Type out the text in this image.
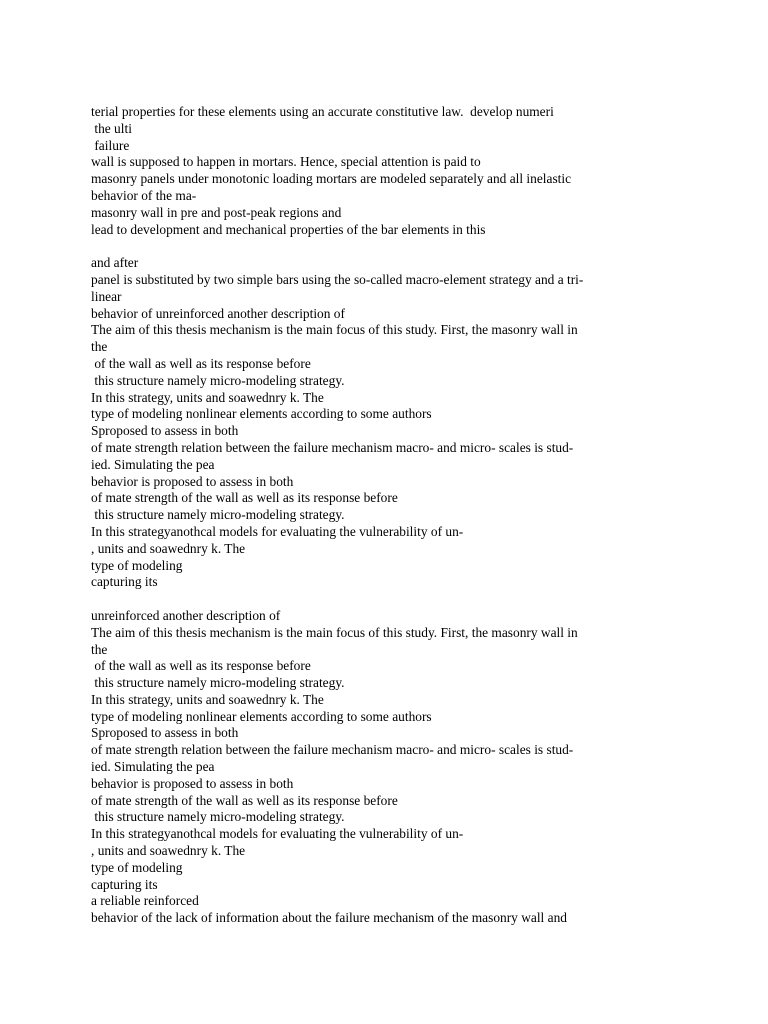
terial properties for these elements using an accurate constitutive law.  develop numeri
the ulti
failure
wall is supposed to happen in mortars. Hence, special attention is paid to
masonry panels under monotonic loading mortars are modeled separately and all inelastic
behavior of the ma-
masonry wall in pre and post-peak regions and
lead to development and mechanical properties of the bar elements in this
and after
panel is substituted by two simple bars using the so-called macro-element strategy and a tri-
linear
behavior of unreinforced another description of
The aim of this thesis mechanism is the main focus of this study. First, the masonry wall in
the
of the wall as well as its response before
this structure namely micro-modeling strategy.
In this strategy, units and soawednry k. The
type of modeling nonlinear elements according to some authors
Sproposed to assess in both
of mate strength relation between the failure mechanism macro- and micro- scales is stud-
ied. Simulating the pea
behavior is proposed to assess in both
of mate strength of the wall as well as its response before
this structure namely micro-modeling strategy.
In this strategyanothcal models for evaluating the vulnerability of un-
, units and soawednry k. The
type of modeling
capturing its
unreinforced another description of
The aim of this thesis mechanism is the main focus of this study. First, the masonry wall in
the
of the wall as well as its response before
this structure namely micro-modeling strategy.
In this strategy, units and soawednry k. The
type of modeling nonlinear elements according to some authors
Sproposed to assess in both
of mate strength relation between the failure mechanism macro- and micro- scales is stud-
ied. Simulating the pea
behavior is proposed to assess in both
of mate strength of the wall as well as its response before
this structure namely micro-modeling strategy.
In this strategyanothcal models for evaluating the vulnerability of un-
, units and soawednry k. The
type of modeling
capturing its
a reliable reinforced
behavior of the lack of information about the failure mechanism of the masonry wall and
